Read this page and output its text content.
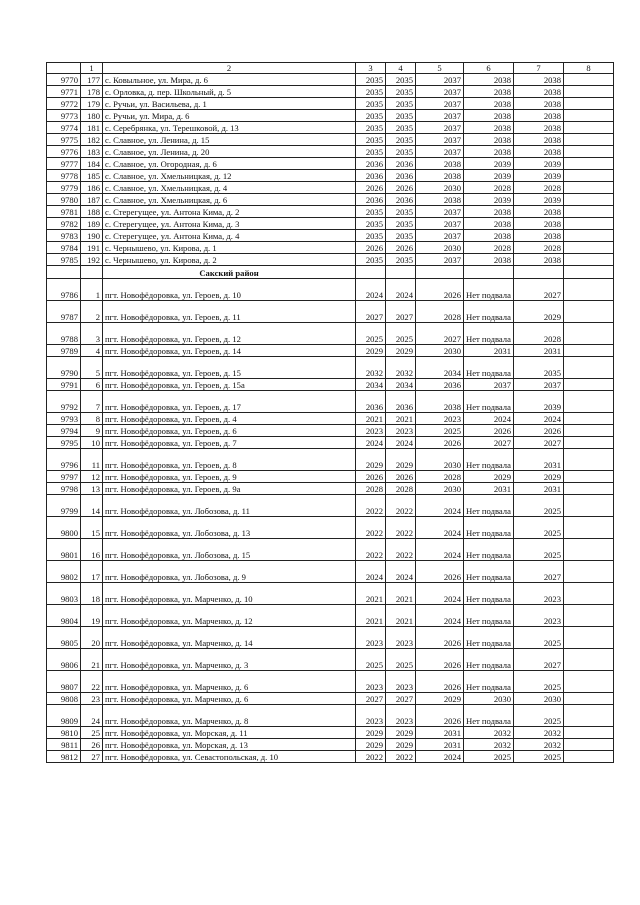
	1	2	3	4	5	6	7	8
9770	177	с. Ковыльное, ул. Мира, д. 6	2035	2035	2037	2038	2038	
9771	178	с. Орловка, д. пер. Школьный, д. 5	2035	2035	2037	2038	2038	
9772	179	с. Ручьи, ул. Васильева, д. 1	2035	2035	2037	2038	2038	
9773	180	с. Ручьи, ул. Мира, д. 6	2035	2035	2037	2038	2038	
9774	181	с. Серебрянка, ул. Терешковой, д. 13	2035	2035	2037	2038	2038	
9775	182	с. Славное, ул. Ленина, д. 15	2035	2035	2037	2038	2038	
9776	183	с. Славное, ул. Ленина, д. 20	2035	2035	2037	2038	2038	
9777	184	с. Славное, ул. Огородная, д. 6	2036	2036	2038	2039	2039	
9778	185	с. Славное, ул. Хмельницкая, д. 12	2036	2036	2038	2039	2039	
9779	186	с. Славное, ул. Хмельницкая, д. 4	2026	2026	2030	2028	2028	
9780	187	с. Славное, ул. Хмельницкая, д. 6	2036	2036	2038	2039	2039	
9781	188	с. Стерегущее, ул. Антона Кима, д. 2	2035	2035	2037	2038	2038	
9782	189	с. Стерегущее, ул. Антона Кима, д. 3	2035	2035	2037	2038	2038	
9783	190	с. Стерегущее, ул. Антона Кима, д. 4	2035	2035	2037	2038	2038	
9784	191	с. Чернышево, ул. Кирова, д. 1	2026	2026	2030	2028	2028	
9785	192	с. Чернышево, ул. Кирова, д. 2	2035	2035	2037	2038	2038	
		Сакский район						
9786	1	пгт. Новофёдоровка, ул. Героев, д. 10	2024	2024	2026	Нет подвала	2027	
9787	2	пгт. Новофёдоровка, ул. Героев, д. 11	2027	2027	2028	Нет подвала	2029	
9788	3	пгт. Новофёдоровка, ул. Героев, д. 12	2025	2025	2027	Нет подвала	2028	
9789	4	пгт. Новофёдоровка, ул. Героев, д. 14	2029	2029	2030	2031	2031	
9790	5	пгт. Новофёдоровка, ул. Героев, д. 15	2032	2032	2034	Нет подвала	2035	
9791	6	пгт. Новофёдоровка, ул. Героев, д. 15а	2034	2034	2036	2037	2037	
9792	7	пгт. Новофёдоровка, ул. Героев, д. 17	2036	2036	2038	Нет подвала	2039	
9793	8	пгт. Новофёдоровка, ул. Героев, д. 4	2021	2021	2023	2024	2024	
9794	9	пгт. Новофёдоровка, ул. Героев, д. 6	2023	2023	2025	2026	2026	
9795	10	пгт. Новофёдоровка, ул. Героев, д. 7	2024	2024	2026	2027	2027	
9796	11	пгт. Новофёдоровка, ул. Героев, д. 8	2029	2029	2030	Нет подвала	2031	
9797	12	пгт. Новофёдоровка, ул. Героев, д. 9	2026	2026	2028	2029	2029	
9798	13	пгт. Новофёдоровка, ул. Героев, д. 9а	2028	2028	2030	2031	2031	
9799	14	пгт. Новофёдоровка, ул. Лобозова, д. 11	2022	2022	2024	Нет подвала	2025	
9800	15	пгт. Новофёдоровка, ул. Лобозова, д. 13	2022	2022	2024	Нет подвала	2025	
9801	16	пгт. Новофёдоровка, ул. Лобозова, д. 15	2022	2022	2024	Нет подвала	2025	
9802	17	пгт. Новофёдоровка, ул. Лобозова, д. 9	2024	2024	2026	Нет подвала	2027	
9803	18	пгт. Новофёдоровка, ул. Марченко, д. 10	2021	2021	2024	Нет подвала	2023	
9804	19	пгт. Новофёдоровка, ул. Марченко, д. 12	2021	2021	2024	Нет подвала	2023	
9805	20	пгт. Новофёдоровка, ул. Марченко, д. 14	2023	2023	2026	Нет подвала	2025	
9806	21	пгт. Новофёдоровка, ул. Марченко, д. 3	2025	2025	2026	Нет подвала	2027	
9807	22	пгт. Новофёдоровка, ул. Марченко, д. 6	2023	2023	2026	Нет подвала	2025	
9808	23	пгт. Новофёдоровка, ул. Марченко, д. 6	2027	2027	2029	2030	2030	
9809	24	пгт. Новофёдоровка, ул. Марченко, д. 8	2023	2023	2026	Нет подвала	2025	
9810	25	пгт. Новофёдоровка, ул. Морская, д. 11	2029	2029	2031	2032	2032	
9811	26	пгт. Новофёдоровка, ул. Морская, д. 13	2029	2029	2031	2032	2032	
9812	27	пгт. Новофёдоровка, ул. Севастопольская, д. 10	2022	2022	2024	2025	2025	
